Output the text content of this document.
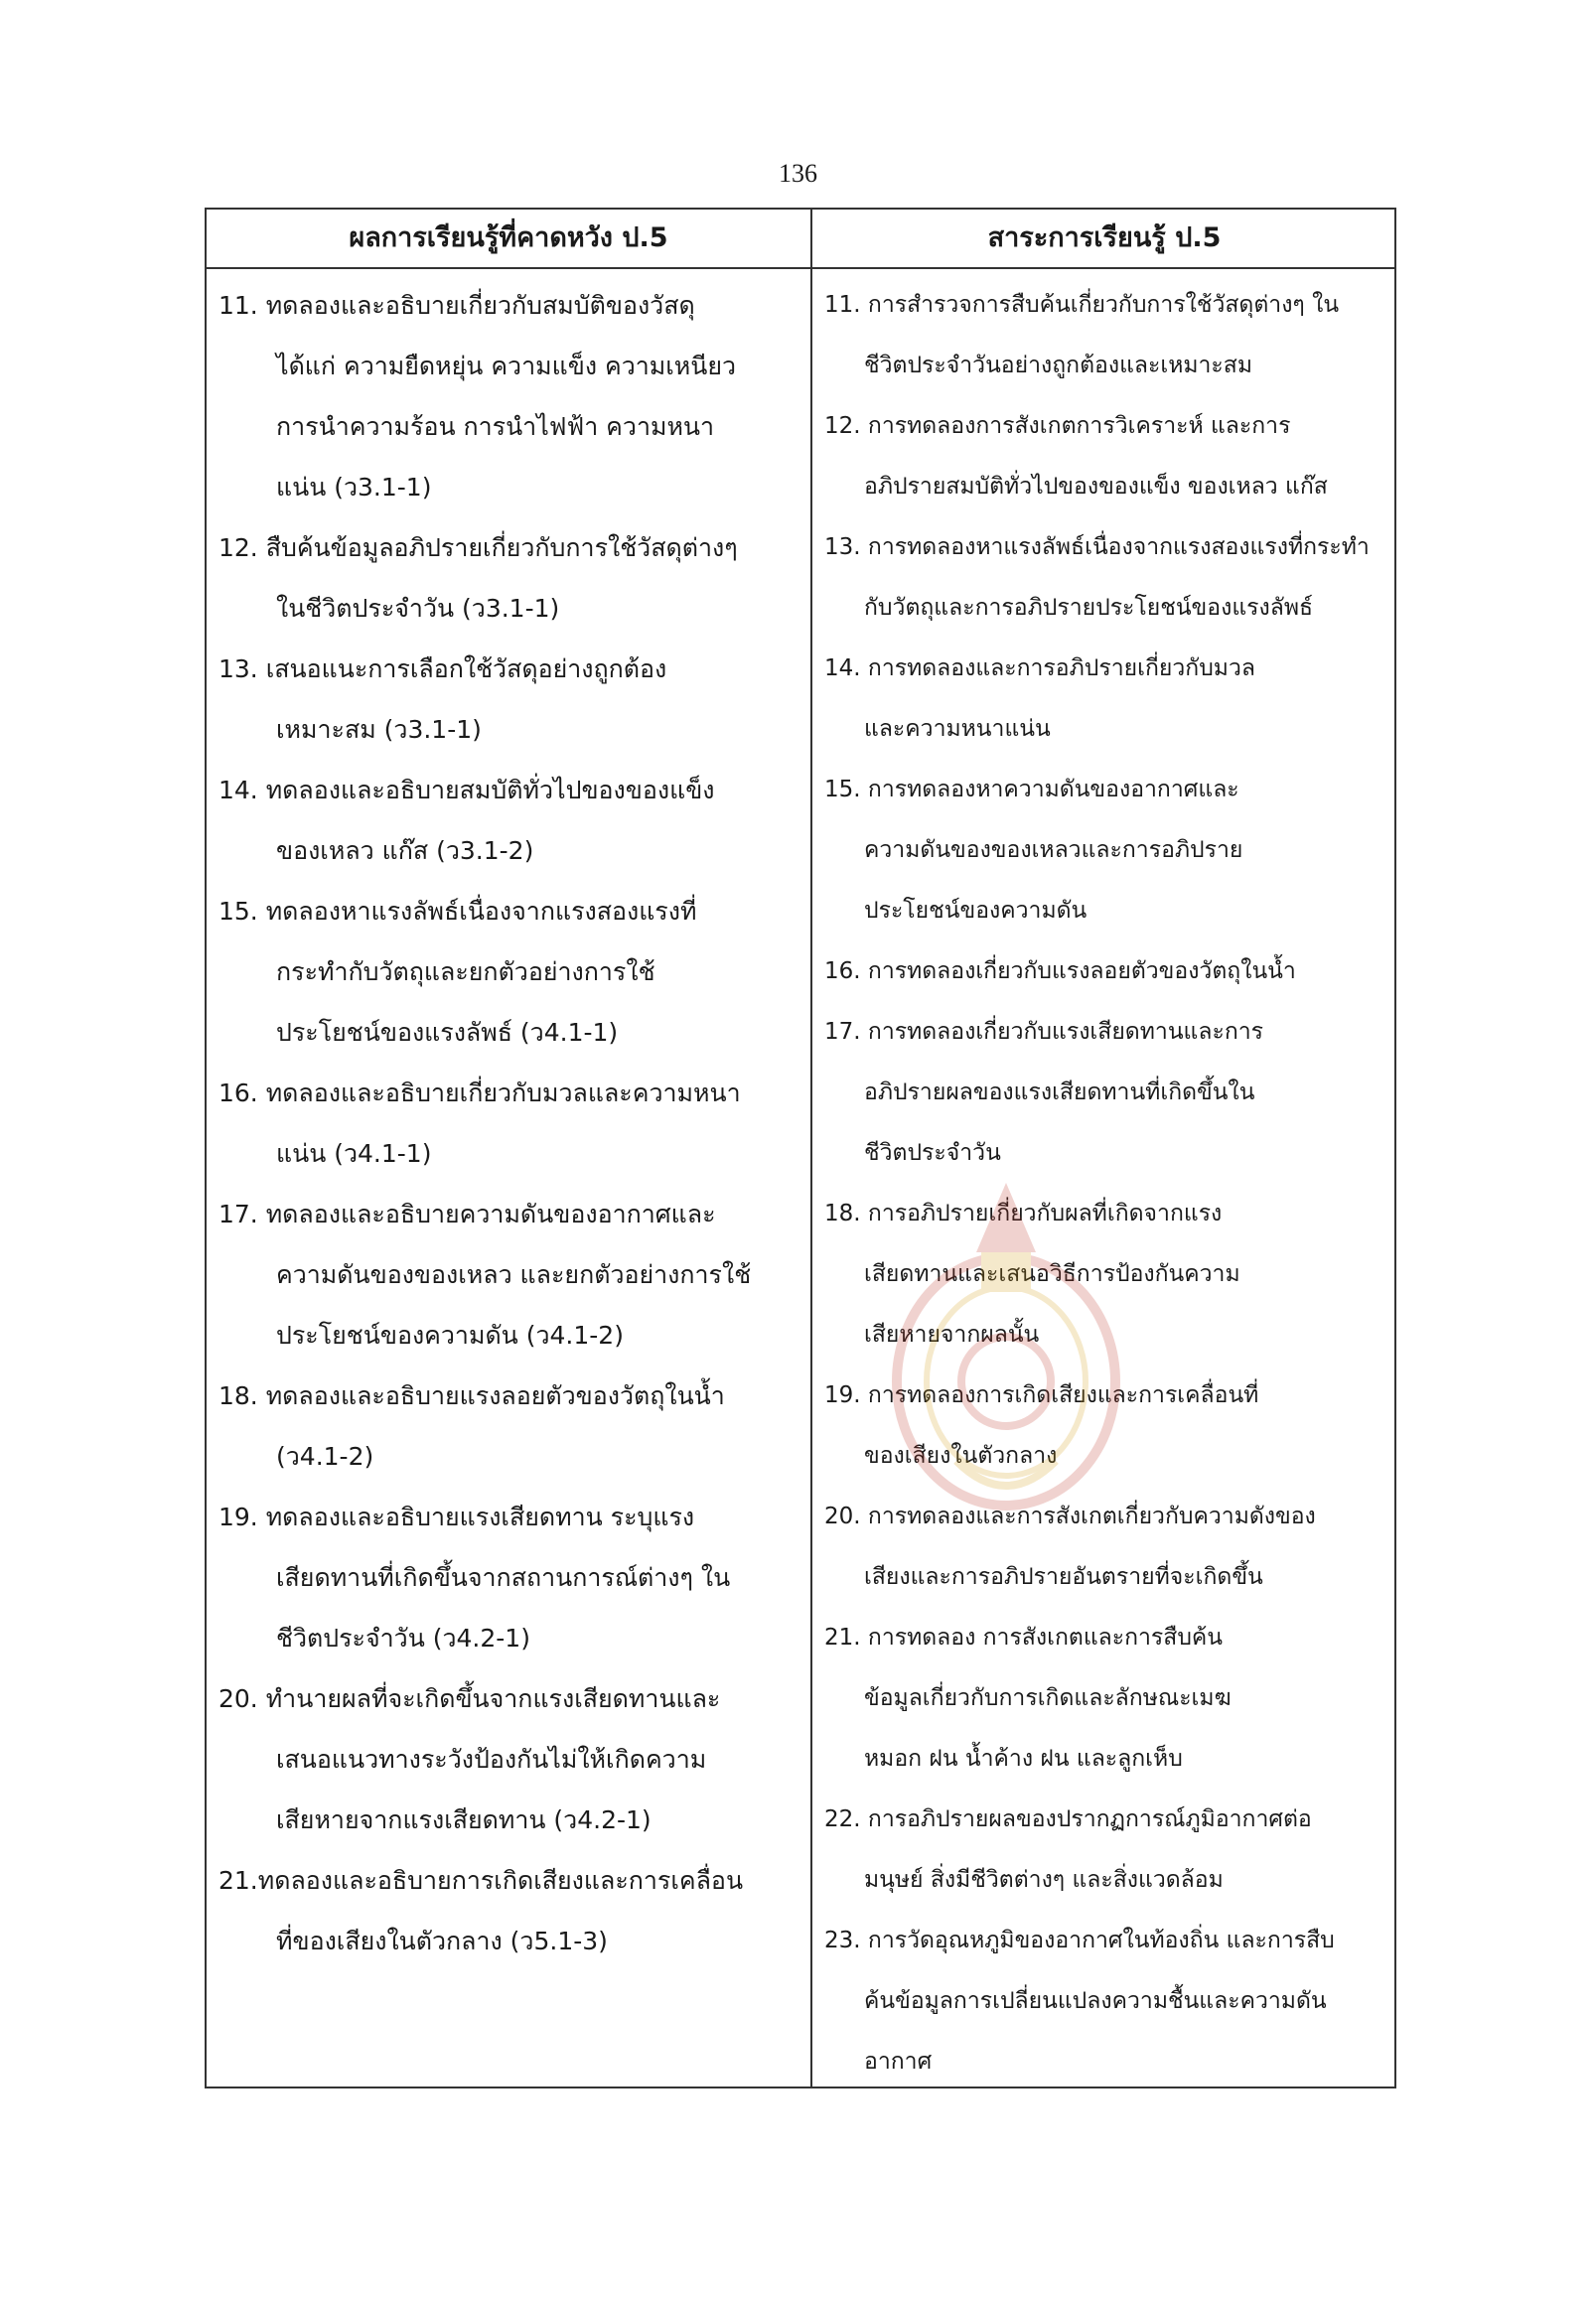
136
ผลการเรียนรู้ที่คาดหวัง ป.5	สาระการเรียนรู้ ป.5
11. ทดลองและอธิบายเกี่ยวกับสมบัติของวัสดุ
ได้แก่ ความยืดหยุ่น ความแข็ง ความเหนียว
การนำความร้อน การนำไฟฟ้า ความหนา
แน่น (ว3.1-1)
12. สืบค้นข้อมูลอภิปรายเกี่ยวกับการใช้วัสดุต่างๆ
ในชีวิตประจำวัน (ว3.1-1)
13. เสนอแนะการเลือกใช้วัสดุอย่างถูกต้อง
เหมาะสม (ว3.1-1)
14. ทดลองและอธิบายสมบัติทั่วไปของของแข็ง
ของเหลว แก๊ส (ว3.1-2)
15. ทดลองหาแรงลัพธ์เนื่องจากแรงสองแรงที่
กระทำกับวัตถุและยกตัวอย่างการใช้
ประโยชน์ของแรงลัพธ์ (ว4.1-1)
16. ทดลองและอธิบายเกี่ยวกับมวลและความหนา
แน่น (ว4.1-1)
17. ทดลองและอธิบายความดันของอากาศและ
ความดันของของเหลว และยกตัวอย่างการใช้
ประโยชน์ของความดัน (ว4.1-2)
18. ทดลองและอธิบายแรงลอยตัวของวัตถุในน้ำ
(ว4.1-2)
19. ทดลองและอธิบายแรงเสียดทาน ระบุแรง
เสียดทานที่เกิดขึ้นจากสถานการณ์ต่างๆ ใน
ชีวิตประจำวัน (ว4.2-1)
20. ทำนายผลที่จะเกิดขึ้นจากแรงเสียดทานและ
เสนอแนวทางระวังป้องกันไม่ให้เกิดความ
เสียหายจากแรงเสียดทาน (ว4.2-1)
21.ทดลองและอธิบายการเกิดเสียงและการเคลื่อน
ที่ของเสียงในตัวกลาง (ว5.1-3)
11. การสำรวจการสืบค้นเกี่ยวกับการใช้วัสดุต่างๆ ใน
ชีวิตประจำวันอย่างถูกต้องและเหมาะสม
12. การทดลองการสังเกตการวิเคราะห์ และการ
อภิปรายสมบัติทั่วไปของของแข็ง ของเหลว แก๊ส
13. การทดลองหาแรงลัพธ์เนื่องจากแรงสองแรงที่กระทำ
กับวัตถุและการอภิปรายประโยชน์ของแรงลัพธ์
14. การทดลองและการอภิปรายเกี่ยวกับมวล
และความหนาแน่น
15. การทดลองหาความดันของอากาศและ
ความดันของของเหลวและการอภิปราย
ประโยชน์ของความดัน
16. การทดลองเกี่ยวกับแรงลอยตัวของวัตถุในน้ำ
17. การทดลองเกี่ยวกับแรงเสียดทานและการ
อภิปรายผลของแรงเสียดทานที่เกิดขึ้นใน
ชีวิตประจำวัน
18. การอภิปรายเกี่ยวกับผลที่เกิดจากแรง
เสียดทานและเสนอวิธีการป้องกันความ
เสียหายจากผลนั้น
19. การทดลองการเกิดเสียงและการเคลื่อนที่
ของเสียงในตัวกลาง
20. การทดลองและการสังเกตเกี่ยวกับความดังของ
เสียงและการอภิปรายอันตรายที่จะเกิดขึ้น
21. การทดลอง การสังเกตและการสืบค้น
ข้อมูลเกี่ยวกับการเกิดและลักษณะเมฆ
หมอก ฝน น้ำค้าง ฝน และลูกเห็บ
22. การอภิปรายผลของปรากฏการณ์ภูมิอากาศต่อ
มนุษย์ สิ่งมีชีวิตต่างๆ และสิ่งแวดล้อม
23. การวัดอุณหภูมิของอากาศในท้องถิ่น และการสืบ
ค้นข้อมูลการเปลี่ยนแปลงความชื้นและความดัน
อากาศ
